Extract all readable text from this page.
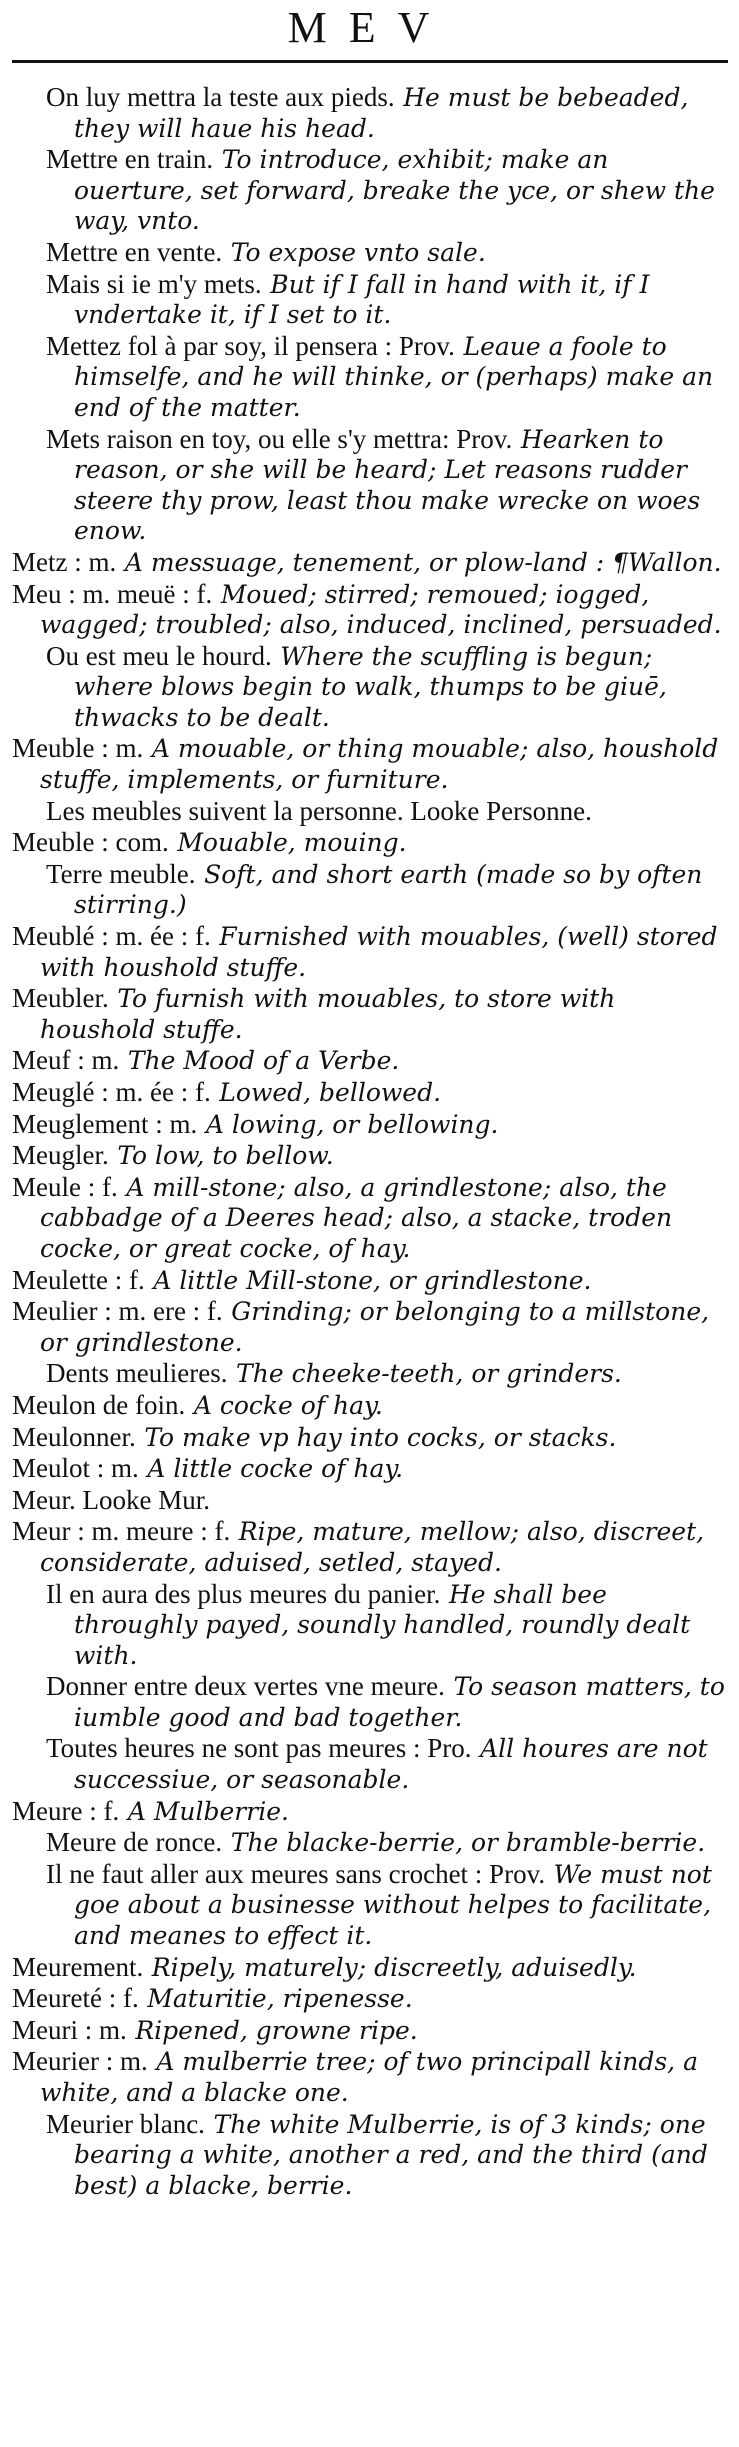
MEV

On luy mettra la teste aux pieds. He must be bebeaded, they will haue his head.

Mettre en train. To introduce, exhibit; make an ouerture, set forward, breake the yce, or shew the way, vnto.

Mettre en vente. To expose vnto sale.

Mais si ie m'y mets. But if I fall in hand with it, if I vndertake it, if I set to it.

Mettez fol à par soy, il pensera : Prov. Leaue a foole to himselfe, and he will thinke, or (perhaps) make an end of the matter.

Mets raison en toy, ou elle s'y mettra: Prov. Hearken to reason, or she will be heard; Let reasons rudder steere thy prow, least thou make wrecke on woes enow.

Metz : m. A messuage, tenement, or plow-land : ¶Wallon.

Meu : m. meuë : f. Moued; stirred; remoued; iogged, wagged; troubled; also, induced, inclined, persuaded.

Ou est meu le hourd. Where the scuffling is begun; where blows begin to walk, thumps to be giuē, thwacks to be dealt.

Meuble : m. A mouable, or thing mouable; also, houshold stuffe, implements, or furniture.

Les meubles suivent la personne. Looke Personne.

Meuble : com. Mouable, mouing.

Terre meuble. Soft, and short earth (made so by often stirring.)

Meublé : m. ée : f. Furnished with mouables, (well) stored with houshold stuffe.

Meubler. To furnish with mouables, to store with houshold stuffe.

Meuf : m. The Mood of a Verbe.

Meuglé : m. ée : f. Lowed, bellowed.

Meuglement : m. A lowing, or bellowing.

Meugler. To low, to bellow.

Meule : f. A mill-stone; also, a grindlestone; also, the cabbadge of a Deeres head; also, a stacke, troden cocke, or great cocke, of hay.

Meulette : f. A little Mill-stone, or grindlestone.

Meulier : m. ere : f. Grinding; or belonging to a millstone, or grindlestone.

Dents meulieres. The cheeke-teeth, or grinders.

Meulon de foin. A cocke of hay.

Meulonner. To make vp hay into cocks, or stacks.

Meulot : m. A little cocke of hay.

Meur. Looke Mur.

Meur : m. meure : f. Ripe, mature, mellow; also, discreet, considerate, aduised, setled, stayed.

Il en aura des plus meures du panier. He shall bee throughly payed, soundly handled, roundly dealt with.

Donner entre deux vertes vne meure. To season matters, to iumble good and bad together.

Toutes heures ne sont pas meures : Pro. All houres are not successiue, or seasonable.

Meure : f. A Mulberrie.

Meure de ronce. The blacke-berrie, or bramble-berrie.

Il ne faut aller aux meures sans crochet : Prov. We must not goe about a businesse without helpes to facilitate, and meanes to effect it.

Meurement. Ripely, maturely; discreetly, aduisedly.

Meureté : f. Maturitie, ripenesse.

Meuri : m. Ripened, growne ripe.

Meurier : m. A mulberrie tree; of two principall kinds, a white, and a blacke one.

Meurier blanc. The white Mulberrie, is of 3 kinds; one bearing a white, another a red, and the third (and best) a blacke, berrie.
